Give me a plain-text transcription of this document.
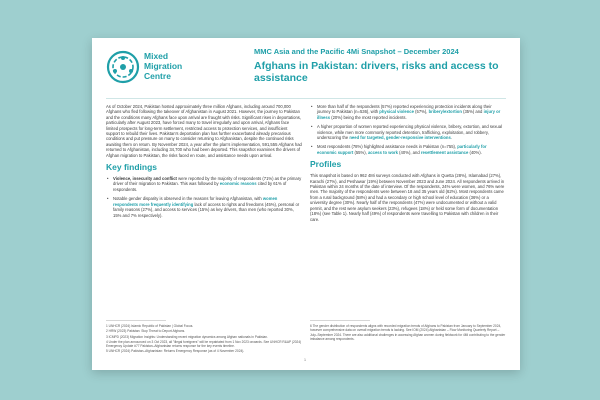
Mixed
Migration
Centre
MMC Asia and the Pacific 4Mi Snapshot – December 2024
Afghans in Pakistan: drivers, risks and access to assistance

As of October 2024, Pakistan hosted approximately three million Afghans, including around 700,000 Afghans who fled following the takeover of Afghanistan in August 2021. However, the journey to Pakistan and the conditions many Afghans face upon arrival are fraught with risks. Significant rises in deportations, particularly after August 2023, have forced many to travel irregularly and upon arrival, Afghans face limited prospects for long-term settlement, restricted access to protection services, and insufficient support to rebuild their lives. Pakistan's deportation plan has further exacerbated already precarious conditions and put pressure on many to consider returning to Afghanistan, despite the continued risks awaiting them on return. By November 2024, a year after the plan's implementation, 591,555 Afghans had returned to Afghanistan, including 34,700 who had been deported. This snapshot examines the drivers of Afghan migration to Pakistan, the risks faced en route, and assistance needs upon arrival.

Key findings
• Violence, insecurity and conflict were reported by the majority of respondents (71%) as the primary driver of their migration to Pakistan. This was followed by economic reasons cited by 61% of respondents.
• Notable gender disparity is observed in the reasons for leaving Afghanistan, with women respondents more frequently identifying lack of access to rights and freedoms (45%), personal or family reasons (27%), and access to services (15%) as key drivers, than men (who reported 30%, 15% and 7% respectively).
• More than half of the respondents (57%) reported experiencing protection incidents along their journey to Pakistan (n=536), with physical violence (57%), bribery/extortion (35%) and injury or illness (20%) being the most reported incidents.
• A higher proportion of women reported experiencing physical violence, bribery, extortion, and sexual violence, while men more commonly reported detention, trafficking, exploitation, and robbery, underscoring the need for targeted, gender-responsive interventions.
• Most respondents (78%) highlighted assistance needs in Pakistan (n=755), particularly for economic support (55%), access to work (40%), and resettlement assistance (40%).
Profiles

This snapshot is based on 962 4Mi surveys conducted with Afghans in Quetta (28%), Islamabad (27%), Karachi (27%), and Peshawar (19%) between November 2023 and June 2024. All respondents arrived in Pakistan within 24 months of the date of interview. Of the respondents, 24% were women, and 76% were men. The majority of the respondents were between 18 and 35 years old (62%). Most respondents came from a rural background (58%) and had a secondary or high school level of education (36%) or a university degree (30%). Nearly half of the respondents (47%) were undocumented or without a valid permit, and the rest were asylum seekers (23%), refugees (18%) or held some form of documentation (18%) (see Table 1). Nearly half (49%) of respondents were travelling to Pakistan with children in their care.

1 UNHCR (2024) Islamic Republic of Pakistan | Global Focus.
2 HRW (2023) Pakistan: Stop Threat to Deport Afghans.
3 ICMPD (2023) Migration Insights: Understanding recent migration dynamics among Afghan nationals in Pakistan.
4 Under the plan announced on 3 Oct 2023, all "illegal foreigners" will be repatriated from 1 Nov 2023 onwards. See UNHCR R&AP (2024) Emergency Update #77 Pakistan–Afghanistan returns response for the key events timeline.
5 UNHCR (2024) Pakistan–Afghanistan: Returns Emergency Response (as of 4 November 2024).
6 The gender distribution of respondents aligns with recorded migration trends of Afghans to Pakistan from January to September 2024, however comprehensive data on overall migration trends is lacking. See IOM (2024) Afghanistan – Flow Monitoring Quarterly Report – July–September 2024. There are also additional challenges in accessing Afghan women during fieldwork for 4Mi contributing to the gender imbalance among respondents.
1
